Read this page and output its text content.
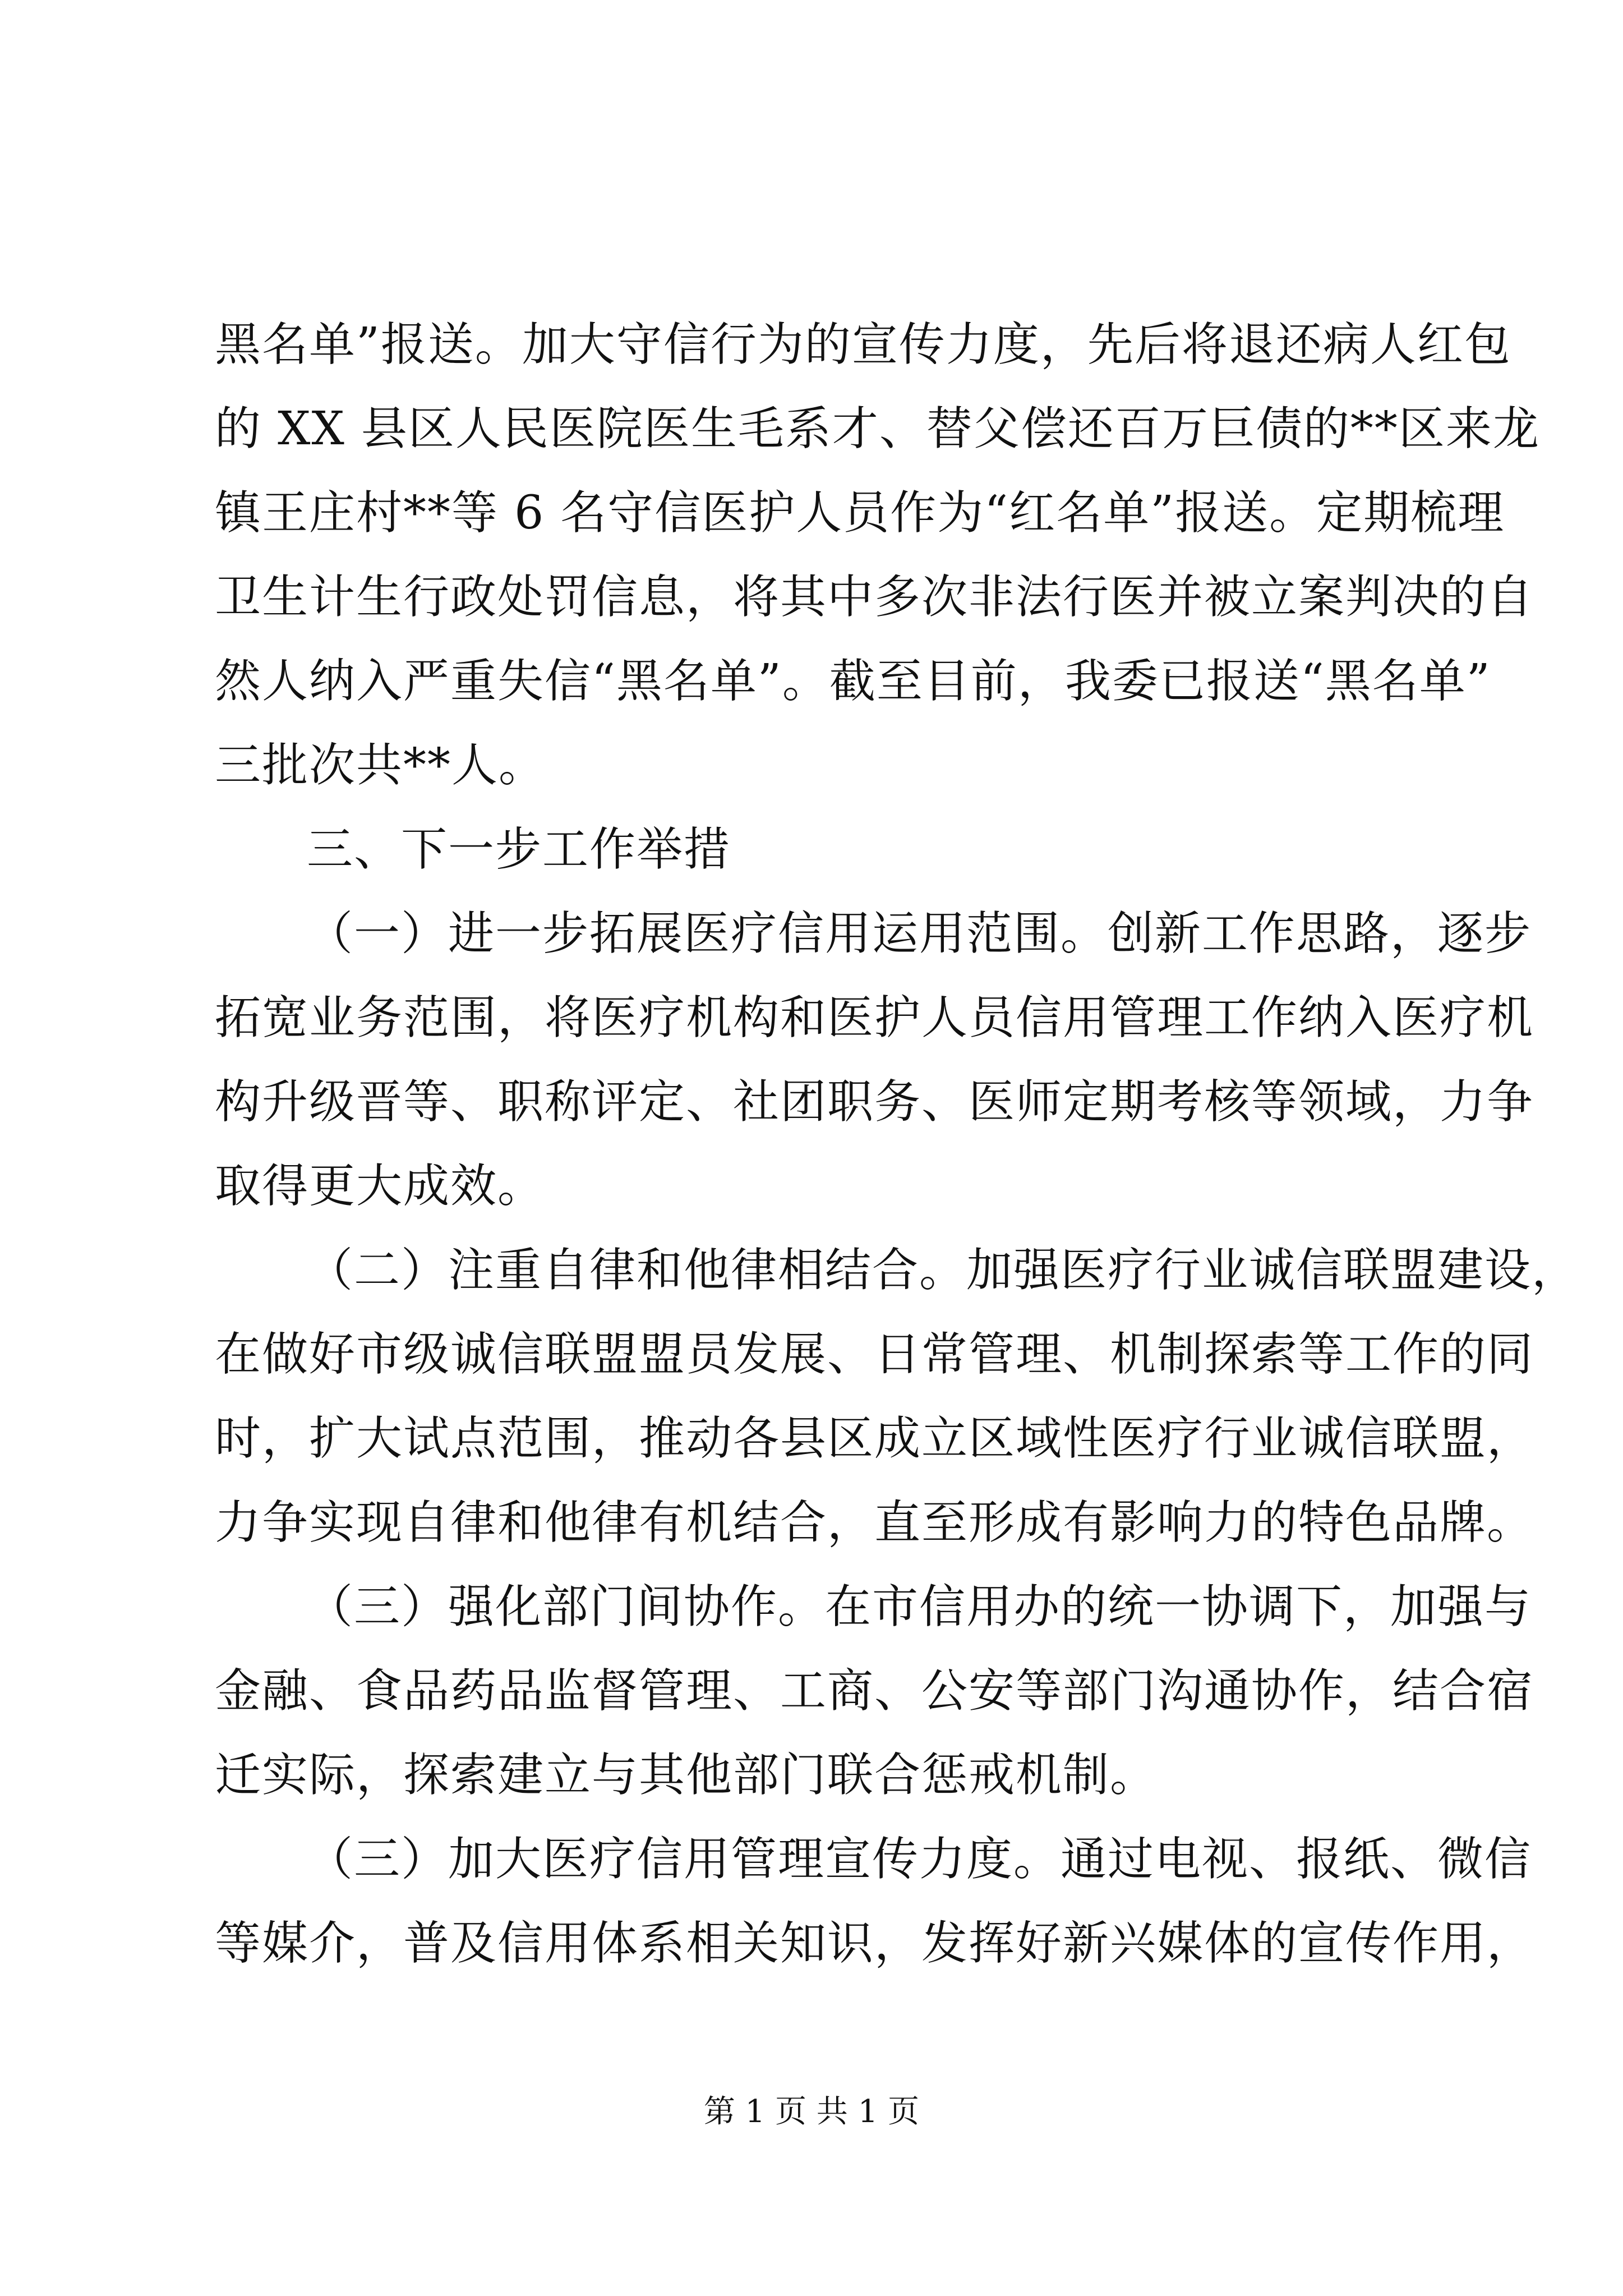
黑名单”报送。加大守信行为的宣传力度，先后将退还病人红包
的 XX 县区人民医院医生毛系才、替父偿还百万巨债的**区来龙
镇王庄村**等 6 名守信医护人员作为“红名单”报送。定期梳理
卫生计生行政处罚信息，将其中多次非法行医并被立案判决的自
然人纳入严重失信“黑名单”。截至目前，我委已报送“黑名单”
三批次共**人。
三、下一步工作举措
（一）进一步拓展医疗信用运用范围。创新工作思路，逐步
拓宽业务范围，将医疗机构和医护人员信用管理工作纳入医疗机
构升级晋等、职称评定、社团职务、医师定期考核等领域，力争
取得更大成效。
（二）注重自律和他律相结合。加强医疗行业诚信联盟建设，
在做好市级诚信联盟盟员发展、日常管理、机制探索等工作的同
时，扩大试点范围，推动各县区成立区域性医疗行业诚信联盟，
力争实现自律和他律有机结合，直至形成有影响力的特色品牌。
（三）强化部门间协作。在市信用办的统一协调下，加强与
金融、食品药品监督管理、工商、公安等部门沟通协作，结合宿
迁实际，探索建立与其他部门联合惩戒机制。
（三）加大医疗信用管理宣传力度。通过电视、报纸、微信
等媒介，普及信用体系相关知识，发挥好新兴媒体的宣传作用，
第 1 页 共 1 页
